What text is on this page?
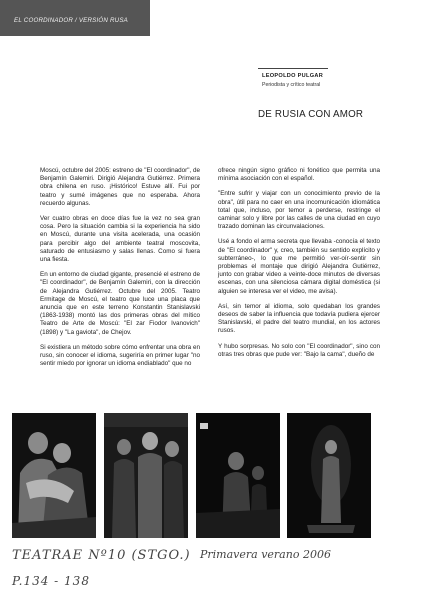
EL COORDINADOR / VERSIÓN RUSA
LEOPOLDO PULGAR
Periodista y crítico teatral
DE RUSIA CON AMOR

Moscú, octubre del 2005: estreno de "El coordinador", de Benjamín Galemiri. Dirigió Alejandra Gutiérrez. Primera obra chilena en ruso. ¡Histórico! Estuve allí. Fui por teatro y sumé imágenes que no esperaba. Ahora recuerdo algunas.

Ver cuatro obras en doce días fue la vez no sea gran cosa. Pero la situación cambia si la experiencia ha sido en Moscú, durante una visita acelerada, una ocasión para percibir algo del ambiente teatral moscovita, saturado de entusiasmo y salas llenas. Como si fuera una fiesta.

En un entorno de ciudad gigante, presencié el estreno de "El coordinador", de Benjamín Galemiri, con la dirección de Alejandra Gutiérrez. Octubre del 2005. Teatro Ermitage de Moscú, el teatro que luce una placa que anuncia que en este terreno Konstantin Stanislavski (1863-1938) montó las dos primeras obras del mítico Teatro de Arte de Moscú: "El zar Fiodor Ivanovich" (1898) y "La gaviota", de Chejov.

Si existiera un método sobre cómo enfrentar una obra en ruso, sin conocer el idioma, sugeriría en primer lugar "no sentir miedo por ignorar un idioma endiablado" que no

ofrece ningún signo gráfico ni fonético que permita una mínima asociación con el español.

"Entre sufrir y viajar con un conocimiento previo de la obra", útil para no caer en una incomunicación idiomática total que, incluso, por temor a perderse, restringe el caminar solo y libre por las calles de una ciudad en cuyo trazado dominan las circunvalaciones.

Usé a fondo el arma secreta que llevaba -conocía el texto de "El coordinador" y, creo, también su sentido explícito y subterráneo-, lo que me permitió ver-oír-sentir sin problemas el montaje que dirigió Alejandra Gutiérrez, junto con grabar video a veinte-doce minutos de diversas escenas, con una silenciosa cámara digital doméstica (si alguien se interesa ver el video, me avisa).

Así, sin temor al idioma, solo quedaban los grandes deseos de saber la influencia que todavía pudiera ejercer Stanislavski, el padre del teatro mundial, en los actores rusos.

Y hubo sorpresas. No solo con "El coordinador", sino con otras tres obras que pude ver: "Bajo la cama", dueño de

TEATRAE Nº10 (STGO.) Primavera verano 2006
P.134 - 138
